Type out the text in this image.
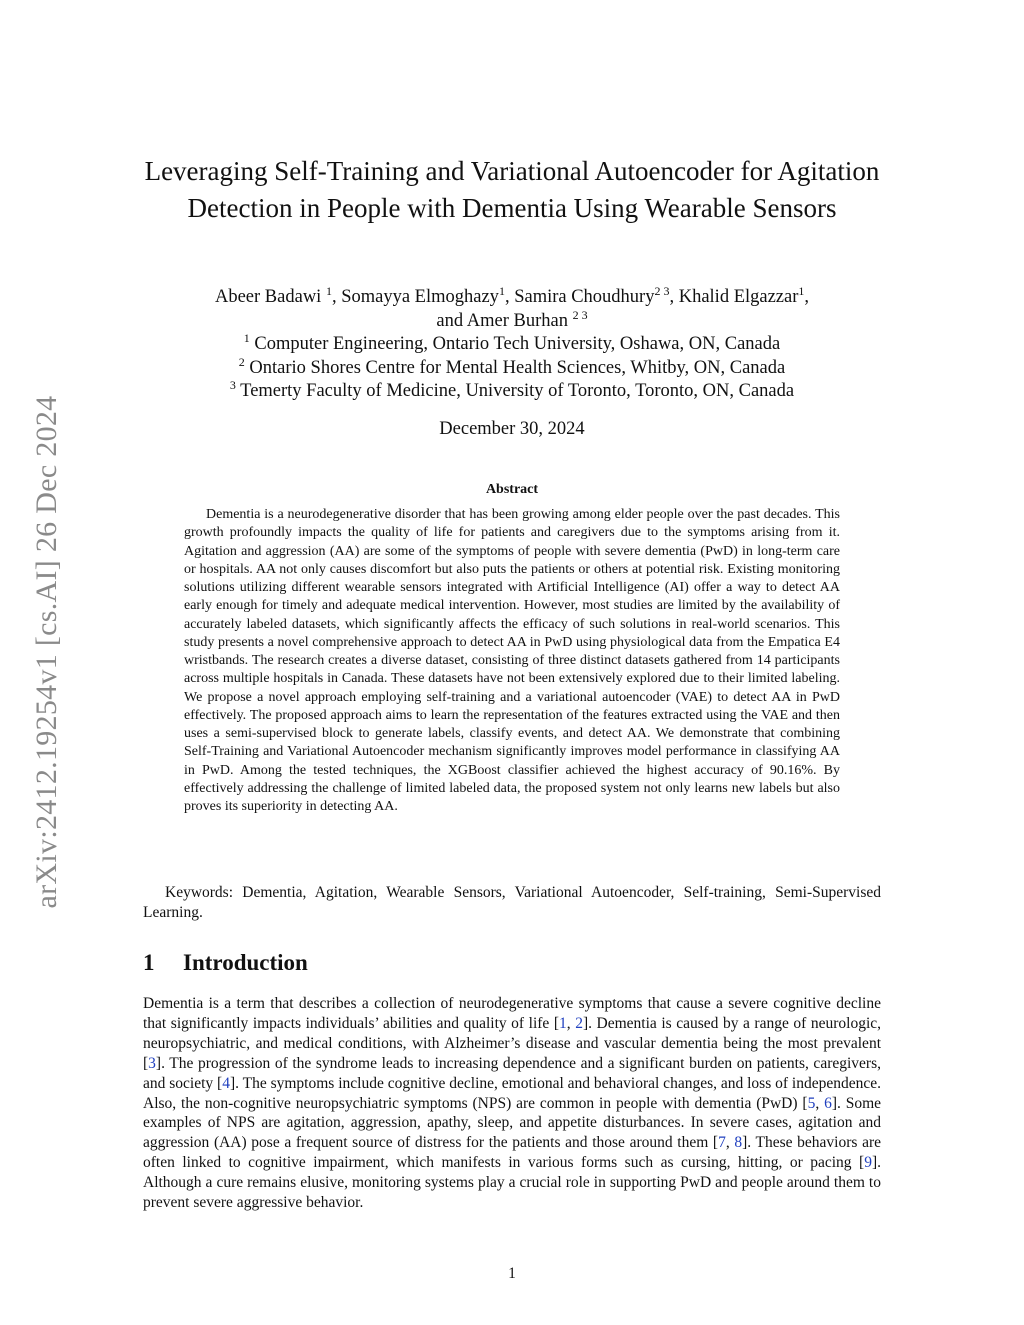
arXiv:2412.19254v1 [cs.AI] 26 Dec 2024
Leveraging Self-Training and Variational Autoencoder for Agitation Detection in People with Dementia Using Wearable Sensors
Abeer Badawi $^1$, Somayya Elmoghazy$^1$, Samira Choudhury$^{2 3}$, Khalid Elgazzar$^1$,
and Amer Burhan $^{2 3}$
$^1$ Computer Engineering, Ontario Tech University, Oshawa, ON, Canada
$^2$ Ontario Shores Centre for Mental Health Sciences, Whitby, ON, Canada
$^3$ Temerty Faculty of Medicine, University of Toronto, Toronto, ON, Canada
December 30, 2024
Abstract

Dementia is a neurodegenerative disorder that has been growing among elder people over the past decades. This growth profoundly impacts the quality of life for patients and caregivers due to the symptoms arising from it. Agitation and aggression (AA) are some of the symptoms of people with severe dementia (PwD) in long-term care or hospitals. AA not only causes discomfort but also puts the patients or others at potential risk. Existing monitoring solutions utilizing different wearable sensors integrated with Artificial Intelligence (AI) offer a way to detect AA early enough for timely and adequate medical intervention. However, most studies are limited by the availability of accurately labeled datasets, which significantly affects the efficacy of such solutions in real-world scenarios. This study presents a novel comprehensive approach to detect AA in PwD using physiological data from the Empatica E4 wristbands. The research creates a diverse dataset, consisting of three distinct datasets gathered from 14 participants across multiple hospitals in Canada. These datasets have not been extensively explored due to their limited labeling. We propose a novel approach employing self-training and a variational autoencoder (VAE) to detect AA in PwD effectively. The proposed approach aims to learn the representation of the features extracted using the VAE and then uses a semi-supervised block to generate labels, classify events, and detect AA. We demonstrate that combining Self-Training and Variational Autoencoder mechanism significantly improves model performance in classifying AA in PwD. Among the tested techniques, the XGBoost classifier achieved the highest accuracy of 90.16%. By effectively addressing the challenge of limited labeled data, the proposed system not only learns new labels but also proves its superiority in detecting AA.

Keywords: Dementia, Agitation, Wearable Sensors, Variational Autoencoder, Self-training, Semi-Supervised Learning.

1 Introduction

Dementia is a term that describes a collection of neurodegenerative symptoms that cause a severe cognitive decline that significantly impacts individuals’ abilities and quality of life [1, 2]. Dementia is caused by a range of neurologic, neuropsychiatric, and medical conditions, with Alzheimer’s disease and vascular dementia being the most prevalent [3]. The progression of the syndrome leads to increasing dependence and a significant burden on patients, caregivers, and society [4]. The symptoms include cognitive decline, emotional and behavioral changes, and loss of independence. Also, the non-cognitive neuropsychiatric symptoms (NPS) are common in people with dementia (PwD) [5, 6]. Some examples of NPS are agitation, aggression, apathy, sleep, and appetite disturbances. In severe cases, agitation and aggression (AA) pose a frequent source of distress for the patients and those around them [7, 8]. These behaviors are often linked to cognitive impairment, which manifests in various forms such as cursing, hitting, or pacing [9]. Although a cure remains elusive, monitoring systems play a crucial role in supporting PwD and people around them to prevent severe aggressive behavior.

1
